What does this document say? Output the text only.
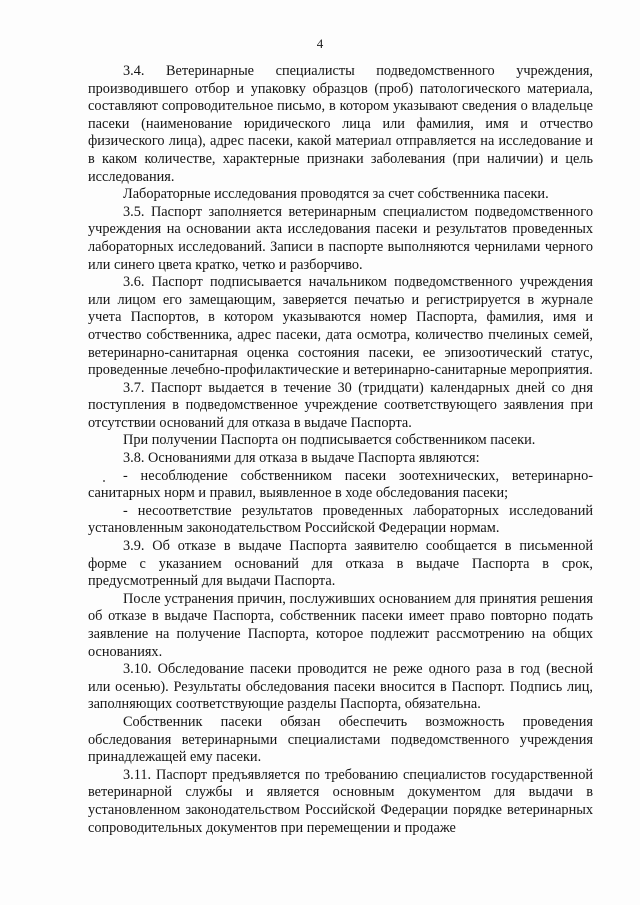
4

3.4. Ветеринарные специалисты подведомственного учреждения, производившего отбор и упаковку образцов (проб) патологического материала, составляют сопроводительное письмо, в котором указывают сведения о владельце пасеки (наименование юридического лица или фамилия, имя и отчество физического лица), адрес пасеки, какой материал отправляется на исследование и в каком количестве, характерные признаки заболевания (при наличии) и цель исследования.

Лабораторные исследования проводятся за счет собственника пасеки.

3.5. Паспорт заполняется ветеринарным специалистом подведомственного учреждения на основании акта исследования пасеки и результатов проведенных лабораторных исследований. Записи в паспорте выполняются чернилами черного или синего цвета кратко, четко и разборчиво.

3.6. Паспорт подписывается начальником подведомственного учреждения или лицом его замещающим, заверяется печатью и регистрируется в журнале учета Паспортов, в котором указываются номер Паспорта, фамилия, имя и отчество собственника, адрес пасеки, дата осмотра, количество пчелиных семей, ветеринарно-санитарная оценка состояния пасеки, ее эпизоотический статус, проведенные лечебно-профилактические и ветеринарно-санитарные мероприятия.

3.7. Паспорт выдается в течение 30 (тридцати) календарных дней со дня поступления в подведомственное учреждение соответствующего заявления при отсутствии оснований для отказа в выдаче Паспорта.

При получении Паспорта он подписывается собственником пасеки.

3.8. Основаниями для отказа в выдаче Паспорта являются:

- несоблюдение собственником пасеки зоотехнических, ветеринарно-санитарных норм и правил, выявленное в ходе обследования пасеки;

- несоответствие результатов проведенных лабораторных исследований установленным законодательством Российской Федерации нормам.

3.9. Об отказе в выдаче Паспорта заявителю сообщается в письменной форме с указанием оснований для отказа в выдаче Паспорта в срок, предусмотренный для выдачи Паспорта.

После устранения причин, послуживших основанием для принятия решения об отказе в выдаче Паспорта, собственник пасеки имеет право повторно подать заявление на получение Паспорта, которое подлежит рассмотрению на общих основаниях.

3.10. Обследование пасеки проводится не реже одного раза в год (весной или осенью). Результаты обследования пасеки вносится в Паспорт. Подпись лиц, заполняющих соответствующие разделы Паспорта, обязательна.

Собственник пасеки обязан обеспечить возможность проведения обследования ветеринарными специалистами подведомственного учреждения принадлежащей ему пасеки.

3.11. Паспорт предъявляется по требованию специалистов государственной ветеринарной службы и является основным документом для выдачи в установленном законодательством Российской Федерации порядке ветеринарных сопроводительных документов при перемещении и продаже
